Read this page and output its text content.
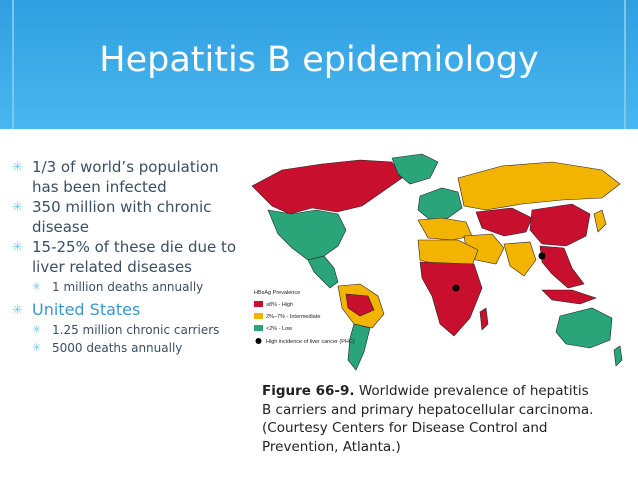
Hepatitis B epidemiology
✳ 1/3 of world’s population has been infected
✳ 350 million with chronic disease
✳ 15-25% of these die due to liver related diseases
✳ 1 million deaths annually
✳ United States
✳ 1.25 million chronic carriers
✳ 5000 deaths annually
HBsAg Prevalence
≥8% - High
2%–7% - Intermediate
<2% - Low
High incidence of liver cancer (PHC)
Figure 66-9. Worldwide prevalence of hepatitis B carriers and primary hepatocellular carcinoma. (Courtesy Centers for Disease Control and Prevention, Atlanta.)
